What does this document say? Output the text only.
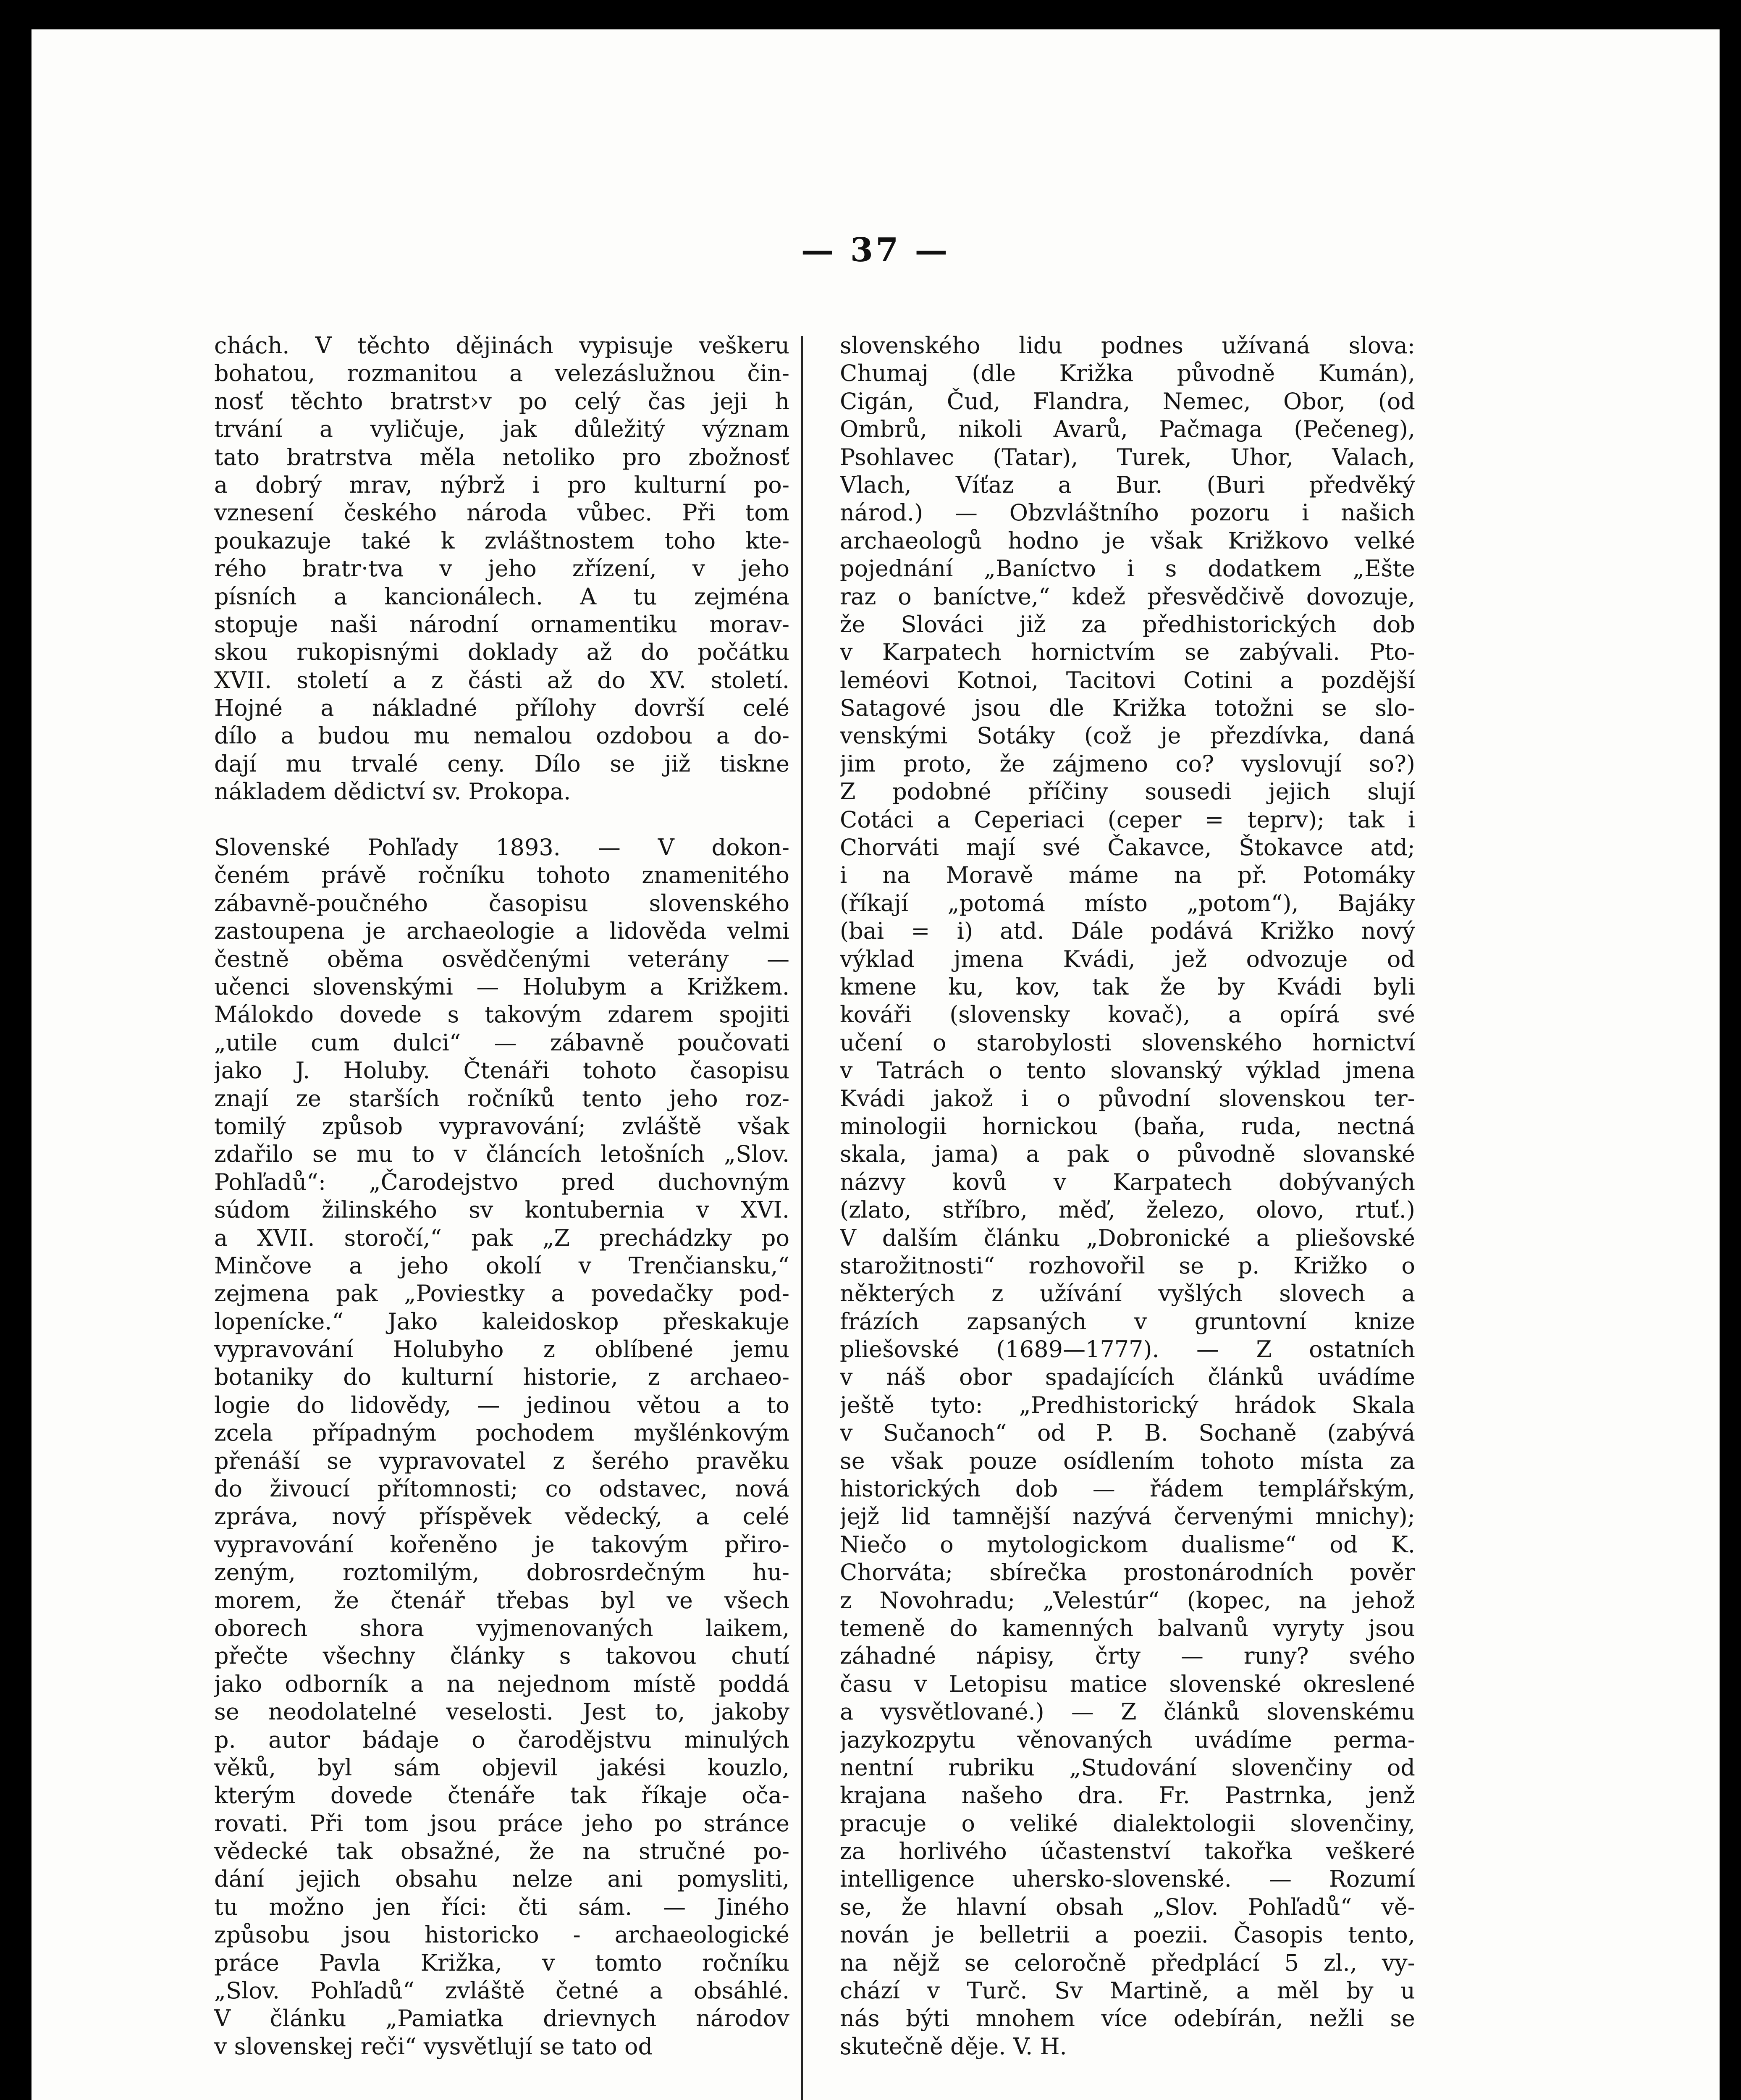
— 37 —
chách. V těchto dějinách vypisuje veškeru
bohatou, rozmanitou a velezáslužnou čin-
nosť těchto bratrst›v po celý čas jeji h
trvání a vyličuje, jak důležitý význam
tato bratrstva měla netoliko pro zbožnosť
a dobrý mrav, nýbrž i pro kulturní po-
vznesení českého národa vůbec. Při tom
poukazuje také k zvláštnostem toho kte-
rého bratr·tva v jeho zřízení, v jeho
písních a kancionálech. A tu zejména
stopuje naši národní ornamentiku morav-
skou rukopisnými doklady až do počátku
XVII. století a z části až do XV. století.
Hojné a nákladné přílohy dovrší celé
dílo a budou mu nemalou ozdobou a do-
dají mu trvalé ceny. Dílo se již tiskne
nákladem dědictví sv. Prokopa.
Slovenské Pohľady 1893. — V dokon-
čeném právě ročníku tohoto znamenitého
zábavně-poučného časopisu slovenského
zastoupena je archaeologie a lidověda velmi
čestně oběma osvědčenými veterány —
učenci slovenskými — Holubym a Križkem.
Málokdo dovede s takovým zdarem spojiti
„utile cum dulci“ — zábavně poučovati
jako J. Holuby. Čtenáři tohoto časopisu
znají ze starších ročníků tento jeho roz-
tomilý způsob vypravování; zvláště však
zdařilo se mu to v článcích letošních „Slov.
Pohľadů“: „Čarodejstvo pred duchovným
súdom žilinského sv kontubernia v XVI.
a XVII. storočí,“ pak „Z prechádzky po
Minčove a jeho okolí v Trenčiansku,“
zejmena pak „Poviestky a povedačky pod-
lopenícke.“ Jako kaleidoskop přeskakuje
vypravování Holubyho z oblíbené jemu
botaniky do kulturní historie, z archaeo-
logie do lidovědy, — jedinou větou a to
zcela případným pochodem myšlénkovým
přenáší se vypravovatel z šerého pravěku
do živoucí přítomnosti; co odstavec, nová
zpráva, nový příspěvek vědecký, a celé
vypravování kořeněno je takovým přiro-
zeným, roztomilým, dobrosrdečným hu-
morem, že čtenář třebas byl ve všech
oborech shora vyjmenovaných laikem,
přečte všechny články s takovou chutí
jako odborník a na nejednom místě poddá
se neodolatelné veselosti. Jest to, jakoby
p. autor bádaje o čarodějstvu minulých
věků, byl sám objevil jakési kouzlo,
kterým dovede čtenáře tak říkaje oča-
rovati. Při tom jsou práce jeho po stránce
vědecké tak obsažné, že na stručné po-
dání jejich obsahu nelze ani pomysliti,
tu možno jen říci: čti sám. — Jiného
způsobu jsou historicko - archaeologické
práce Pavla Križka, v tomto ročníku
„Slov. Pohľadů“ zvláště četné a obsáhlé.
V článku „Pamiatka drievnych národov
v slovenskej reči“ vysvětlují se tato od
slovenského lidu podnes užívaná slova:
Chumaj (dle Križka původně Kumán),
Cigán, Čud, Flandra, Nemec, Obor, (od
Ombrů, nikoli Avarů, Pačmaga (Pečeneg),
Psohlavec (Tatar), Turek, Uhor, Valach,
Vlach, Víťaz a Bur. (Buri předvěký
národ.) — Obzvláštního pozoru i našich
archaeologů hodno je však Križkovo velké
pojednání „Baníctvo i s dodatkem „Ešte
raz o baníctve,“ kdež přesvědčivě dovozuje,
že Slováci již za předhistorických dob
v Karpatech hornictvím se zabývali. Pto-
leméovi Kotnoi, Tacitovi Cotini a pozdější
Satagové jsou dle Križka totožni se slo-
venskými Sotáky (což je přezdívka, daná
jim proto, že zájmeno co? vyslovují so?)
Z podobné příčiny sousedi jejich slují
Cotáci a Ceperiaci (ceper = teprv); tak i
Chorváti mají své Čakavce, Štokavce atd;
i na Moravě máme na př. Potomáky
(říkají „potomá místo „potom“), Bajáky
(bai = i) atd. Dále podává Križko nový
výklad jmena Kvádi, jež odvozuje od
kmene ku, kov, tak že by Kvádi byli
kováři (slovensky kovač), a opírá své
učení o starobylosti slovenského hornictví
v Tatrách o tento slovanský výklad jmena
Kvádi jakož i o původní slovenskou ter-
minologii hornickou (baňa, ruda, nectná
skala, jama) a pak o původně slovanské
názvy kovů v Karpatech dobývaných
(zlato, stříbro, měď, železo, olovo, rtuť.)
V dalším článku „Dobronické a pliešovské
starožitnosti“ rozhovořil se p. Križko o
některých z užívání vyšlých slovech a
frázích zapsaných v gruntovní knize
pliešovské (1689—1777). — Z ostatních
v náš obor spadajících článků uvádíme
ještě tyto: „Predhistorický hrádok Skala
v Sučanoch“ od P. B. Sochaně (zabývá
se však pouze osídlením tohoto místa za
historických dob — řádem templářským,
jejž lid tamnější nazývá červenými mnichy);
Niečo o mytologickom dualisme“ od K.
Chorváta; sbírečka prostonárodních pověr
z Novohradu; „Velestúr“ (kopec, na jehož
temeně do kamenných balvanů vyryty jsou
záhadné nápisy, črty — runy? svého
času v Letopisu matice slovenské okreslené
a vysvětlované.) — Z článků slovenskému
jazykozpytu věnovaných uvádíme perma-
nentní rubriku „Studování slovenčiny od
krajana našeho dra. Fr. Pastrnka, jenž
pracuje o veliké dialektologii slovenčiny,
za horlivého účastenství takořka veškeré
intelligence uhersko-slovenské. — Rozumí
se, že hlavní obsah „Slov. Pohľadů“ vě-
nován je belletrii a poezii. Časopis tento,
na nějž se celoročně předplácí 5 zl., vy-
chází v Turč. Sv Martině, a měl by u
nás býti mnohem více odebírán, nežli se
skutečně děje. V. H.
